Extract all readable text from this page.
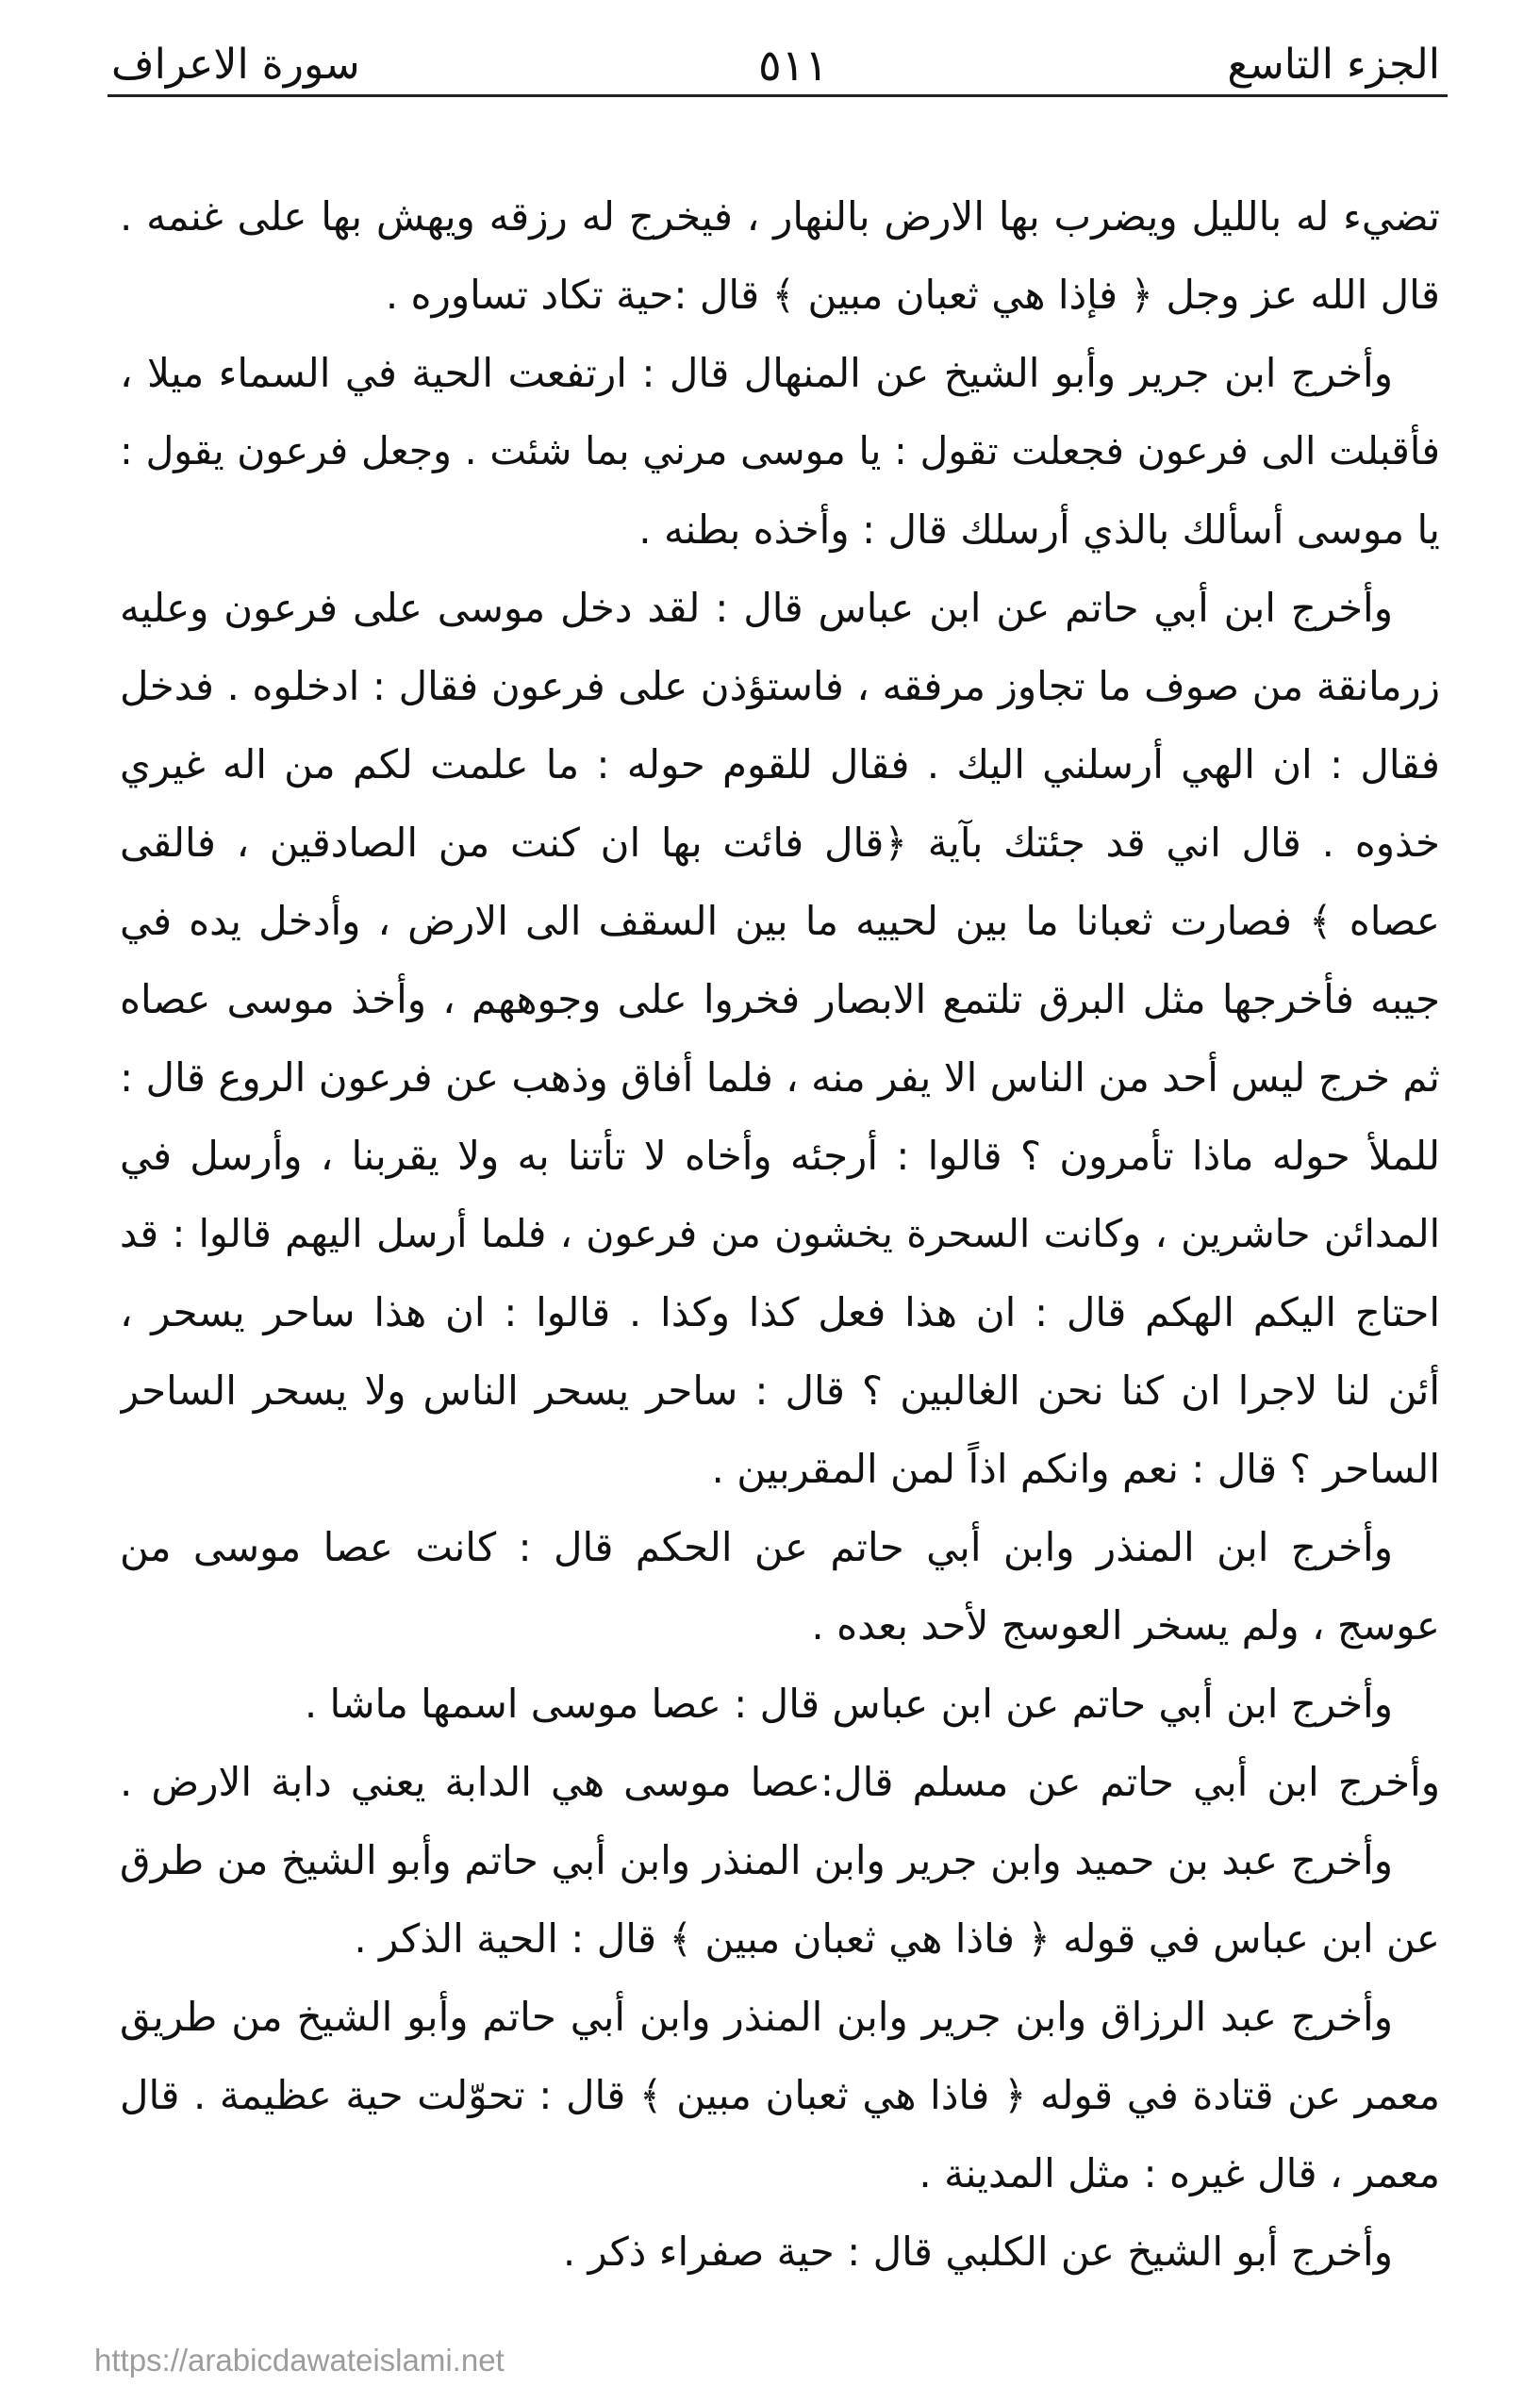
الجزء التاسع
٥١١
سورة الاعراف
تضيء له بالليل ويضرب بها الارض بالنهار ، فيخرج له رزقه ويهش بها على غنمه .
قال الله عز وجل ﴿ فإذا هي ثعبان مبين ﴾ قال :حية تكاد تساوره .
وأخرج ابن جرير وأبو الشيخ عن المنهال قال : ارتفعت الحية في السماء ميلا ،
فأقبلت الى فرعون فجعلت تقول : يا موسى مرني بما شئت . وجعل فرعون يقول :
يا موسى أسألك بالذي أرسلك قال : وأخذه بطنه .
وأخرج ابن أبي حاتم عن ابن عباس قال : لقد دخل موسى على فرعون وعليه
زرمانقة من صوف ما تجاوز مرفقه ، فاستؤذن على فرعون فقال : ادخلوه . فدخل
فقال : ان الهي أرسلني اليك . فقال للقوم حوله : ما علمت لكم من اله غيري
خذوه . قال اني قد جئتك بآية ﴿قال فائت بها ان كنت من الصادقين ، فالقى
عصاه ﴾ فصارت ثعبانا ما بين لحييه ما بين السقف الى الارض ، وأدخل يده في
جيبه فأخرجها مثل البرق تلتمع الابصار فخروا على وجوههم ، وأخذ موسى عصاه
ثم خرج ليس أحد من الناس الا يفر منه ، فلما أفاق وذهب عن فرعون الروع قال :
للملأ حوله ماذا تأمرون ؟ قالوا : أرجئه وأخاه لا تأتنا به ولا يقربنا ، وأرسل في
المدائن حاشرين ، وكانت السحرة يخشون من فرعون ، فلما أرسل اليهم قالوا : قد
احتاج اليكم الهكم قال : ان هذا فعل كذا وكذا . قالوا : ان هذا ساحر يسحر ،
أئن لنا لاجرا ان كنا نحن الغالبين ؟ قال : ساحر يسحر الناس ولا يسحر الساحر
الساحر ؟ قال : نعم وانكم اذاً لمن المقربين .
وأخرج ابن المنذر وابن أبي حاتم عن الحكم قال : كانت عصا موسى من
عوسج ، ولم يسخر العوسج لأحد بعده .
وأخرج ابن أبي حاتم عن ابن عباس قال : عصا موسى اسمها ماشا .
وأخرج ابن أبي حاتم عن مسلم قال:عصا موسى هي الدابة يعني دابة الارض .
وأخرج عبد بن حميد وابن جرير وابن المنذر وابن أبي حاتم وأبو الشيخ من طرق
عن ابن عباس في قوله ﴿ فاذا هي ثعبان مبين ﴾ قال : الحية الذكر .
وأخرج عبد الرزاق وابن جرير وابن المنذر وابن أبي حاتم وأبو الشيخ من طريق
معمر عن قتادة في قوله ﴿ فاذا هي ثعبان مبين ﴾ قال : تحوّلت حية عظيمة . قال
معمر ، قال غيره : مثل المدينة .
وأخرج أبو الشيخ عن الكلبي قال : حية صفراء ذكر .
https://arabicdawateislami.net
